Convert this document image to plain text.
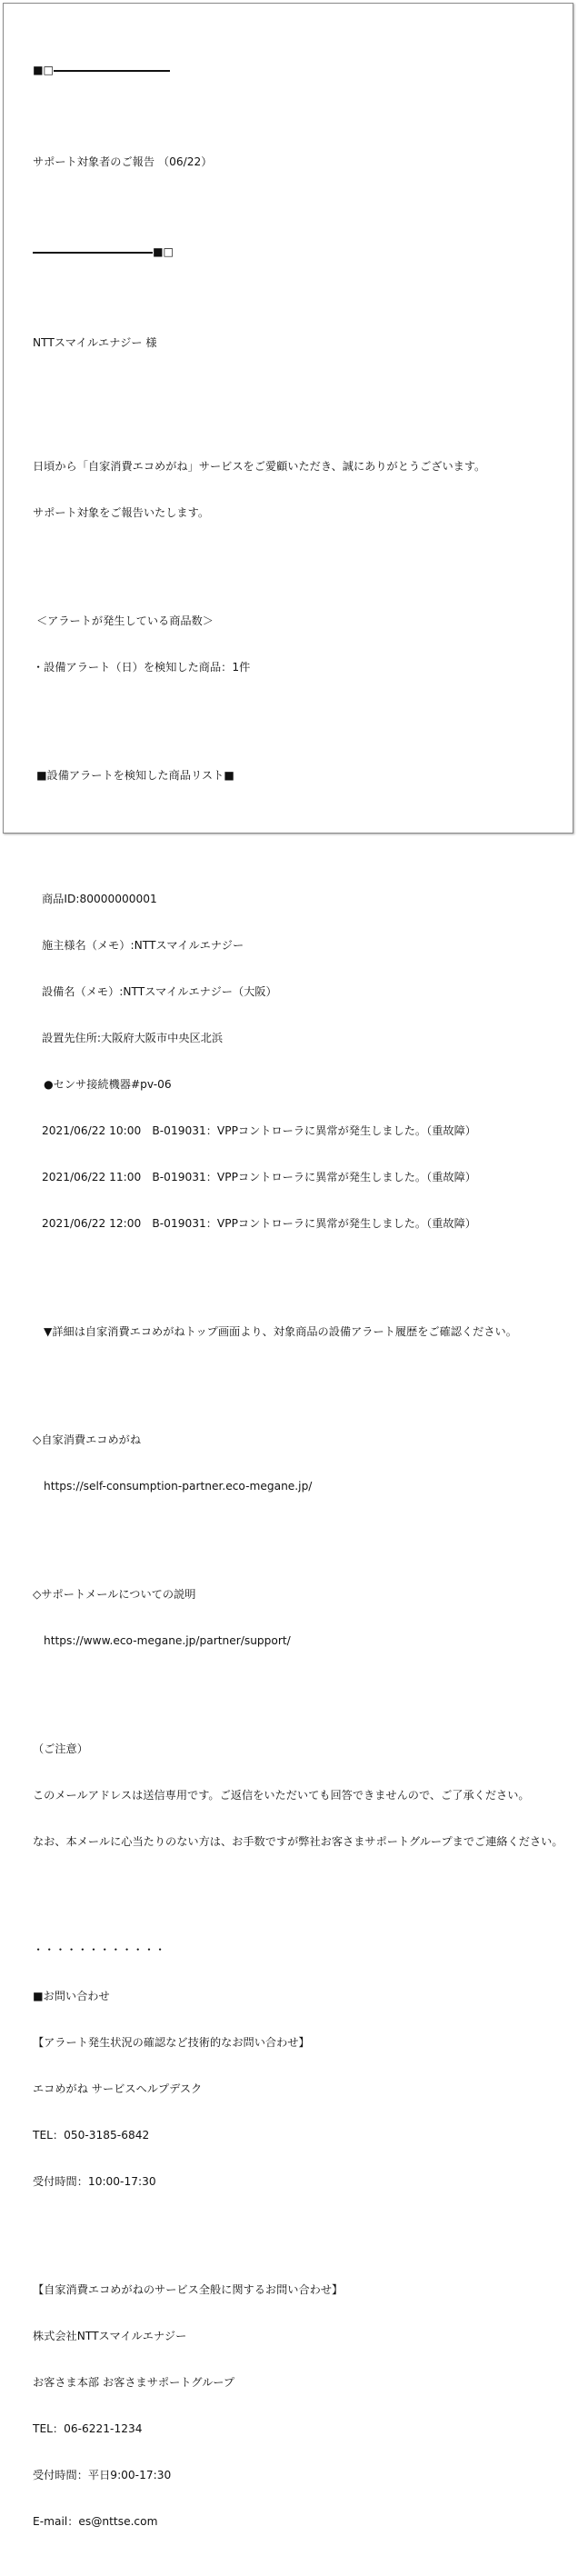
■□

サポート対象者のご報告 （06/22）

■□

NTTスマイルエナジー 様

日頃から「自家消費エコめがね」サービスをご愛顧いただき、誠にありがとうございます。

サポート対象をご報告いたします。

＜アラートが発生している商品数＞

・設備アラート（日）を検知した商品：1件

■設備アラートを検知した商品リスト■

商品ID:80000000001

施主様名（メモ）:NTTスマイルエナジー

設備名（メモ）:NTTスマイルエナジー（大阪）

設置先住所:大阪府大阪市中央区北浜

●センサ接続機器#pv-06

2021/06/22 10:00　B-019031：VPPコントローラに異常が発生しました。（重故障）

2021/06/22 11:00　B-019031：VPPコントローラに異常が発生しました。（重故障）

2021/06/22 12:00　B-019031：VPPコントローラに異常が発生しました。（重故障）

▼詳細は自家消費エコめがねトップ画面より、対象商品の設備アラート履歴をご確認ください。

◇自家消費エコめがね

https://self-consumption-partner.eco-megane.jp/

◇サポートメールについての説明

https://www.eco-megane.jp/partner/support/

（ご注意）

このメールアドレスは送信専用です。ご返信をいただいても回答できませんので、ご了承ください。

なお、本メールに心当たりのない方は、お手数ですが弊社お客さまサポートグループまでご連絡ください。

・・・・・・・・・・・・

■お問い合わせ

【アラート発生状況の確認など技術的なお問い合わせ】

エコめがね サービスヘルプデスク

TEL：050-3185-6842

受付時間：10:00-17:30

【自家消費エコめがねのサービス全般に関するお問い合わせ】

株式会社NTTスマイルエナジー

お客さま本部 お客さまサポートグループ

TEL：06-6221-1234

受付時間：平日9:00-17:30

E-mail：es@nttse.com
